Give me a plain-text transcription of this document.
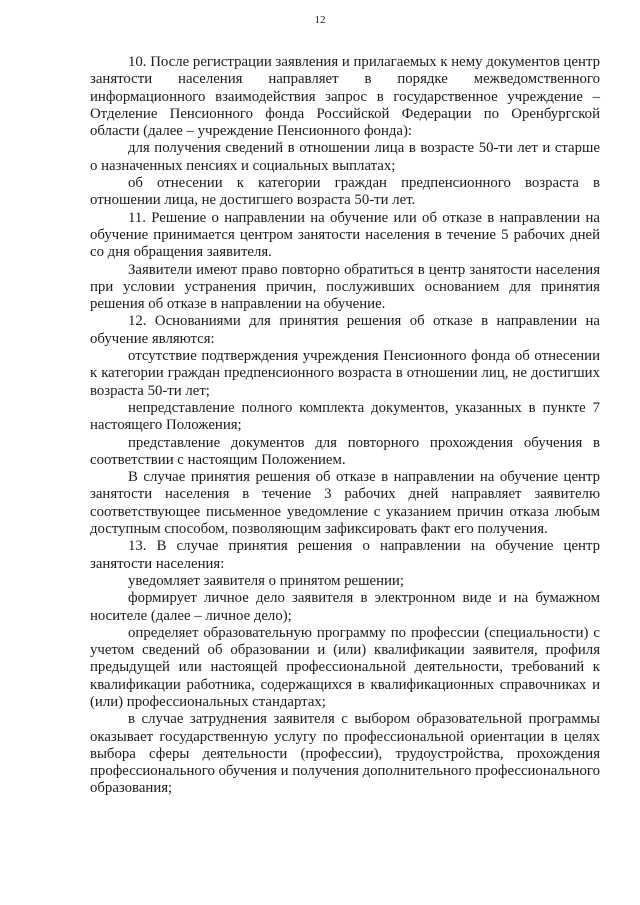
12

10. После регистрации заявления и прилагаемых к нему документов центр занятости населения направляет в порядке межведомственного информационного взаимодействия запрос в государственное учреждение – Отделение Пенсионного фонда Российской Федерации по Оренбургской области (далее – учреждение Пенсионного фонда):

для получения сведений в отношении лица в возрасте 50-ти лет и старше о назначенных пенсиях и социальных выплатах;

об отнесении к категории граждан предпенсионного возраста в отношении лица, не достигшего возраста 50-ти лет.

11. Решение о направлении на обучение или об отказе в направлении на обучение принимается центром занятости населения в течение 5 рабочих дней со дня обращения заявителя.

Заявители имеют право повторно обратиться в центр занятости населения при условии устранения причин, послуживших основанием для принятия решения об отказе в направлении на обучение.

12. Основаниями для принятия решения об отказе в направлении на обучение являются:

отсутствие подтверждения учреждения Пенсионного фонда об отнесении к категории граждан предпенсионного возраста в отношении лиц, не достигших возраста 50-ти лет;

непредставление полного комплекта документов, указанных в пункте 7 настоящего Положения;

представление документов для повторного прохождения обучения в соответствии с настоящим Положением.

В случае принятия решения об отказе в направлении на обучение центр занятости населения в течение 3 рабочих дней направляет заявителю соответствующее письменное уведомление с указанием причин отказа любым доступным способом, позволяющим зафиксировать факт его получения.

13. В случае принятия решения о направлении на обучение центр занятости населения:

уведомляет заявителя о принятом решении;

формирует личное дело заявителя в электронном виде и на бумажном носителе (далее – личное дело);

определяет образовательную программу по профессии (специальности) с учетом сведений об образовании и (или) квалификации заявителя, профиля предыдущей или настоящей профессиональной деятельности, требований к квалификации работника, содержащихся в квалификационных справочниках и (или) профессиональных стандартах;

в случае затруднения заявителя с выбором образовательной программы оказывает государственную услугу по профессиональной ориентации в целях выбора сферы деятельности (профессии), трудоустройства, прохождения профессионального обучения и получения дополнительного профессионального образования;
